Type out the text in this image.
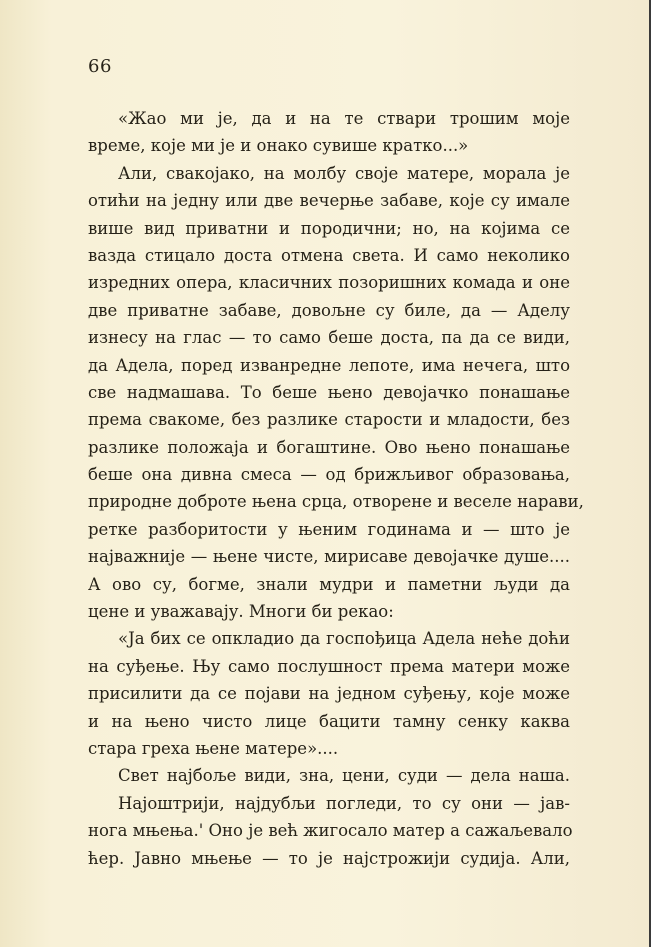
66
«Жао ми је, да и на те ствари трошим моје
време, које ми је и онако сувише кратко...»
Али, свакојако, на молбу своје матере, морала је
отићи на једну или две вечерње забаве, које су имале
више вид приватни и породични; но, на којима се
вазда стицало доста отмена света. И само неколико
изредних опера, класичних позоришних комада и оне
две приватне забаве, довољне су биле, да — Аделу
изнесу на глас — то само беше доста, па да се види,
да Адела, поред изванредне лепоте, има нечега, што
све надмашава. То беше њено девојачко понашање
према свакоме, без разлике старости и младости, без
разлике положаја и богаштине. Ово њено понашање
беше она дивна смеса — од брижљивог образовања,
природне доброте њена срца, отворене и веселе нарави,
ретке разборитости у њеним годинама и — што је
најважније — њене чисте, мирисаве девојачке душе....
А ово су, богме, знали мудри и паметни људи да
цене и уважавају. Многи би рекао:
«Ја бих се опкладио да госпођица Адела неће доћи
на суђење. Њу само послушност према матери може
присилити да се појави на једном суђењу, које може
и на њено чисто лице бацити тамну сенку каква
стара греха њене матере»....
Свет најбоље види, зна, цени, суди — дела наша.
Најоштрији, најдубљи погледи, то су они — јав-
нога мњења.' Оно је већ жигосало матер а сажаљевало
ћер. Јавно мњење — то је најстрожији судија. Али,
